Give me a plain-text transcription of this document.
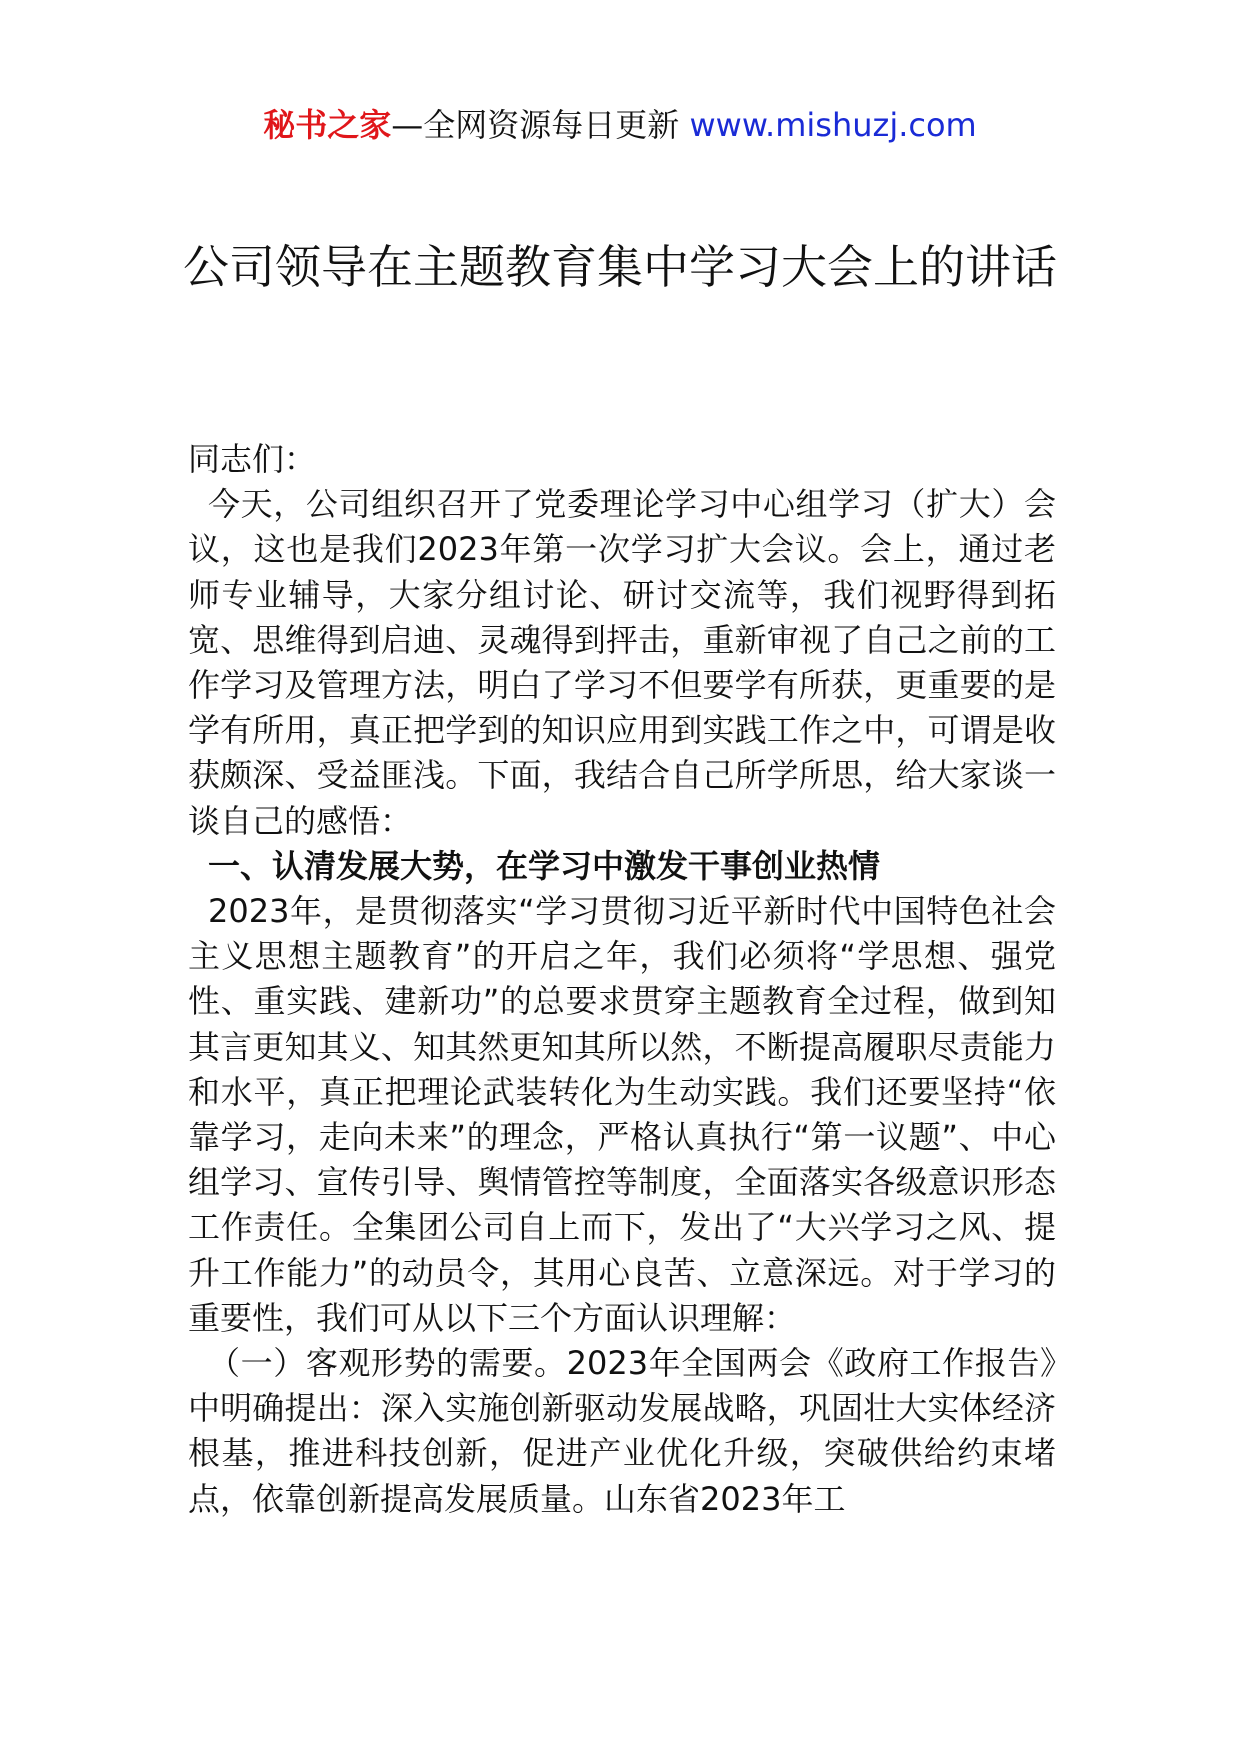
秘书之家—全网资源每日更新 www.mishuzj.com
公司领导在主题教育集中学习大会上的讲话

同志们：

今天，公司组织召开了党委理论学习中心组学习（扩大）会议，这也是我们2023年第一次学习扩大会议。会上，通过老师专业辅导，大家分组讨论、研讨交流等，我们视野得到拓宽、思维得到启迪、灵魂得到抨击，重新审视了自己之前的工作学习及管理方法，明白了学习不但要学有所获，更重要的是学有所用，真正把学到的知识应用到实践工作之中，可谓是收获颇深、受益匪浅。下面，我结合自己所学所思，给大家谈一谈自己的感悟：

一、认清发展大势，在学习中激发干事创业热情

2023年，是贯彻落实“学习贯彻习近平新时代中国特色社会主义思想主题教育”的开启之年，我们必须将“学思想、强党性、重实践、建新功”的总要求贯穿主题教育全过程，做到知其言更知其义、知其然更知其所以然，不断提高履职尽责能力和水平，真正把理论武装转化为生动实践。我们还要坚持“依靠学习，走向未来”的理念，严格认真执行“第一议题”、中心组学习、宣传引导、舆情管控等制度，全面落实各级意识形态工作责任。全集团公司自上而下，发出了“大兴学习之风、提升工作能力”的动员令，其用心良苦、立意深远。对于学习的重要性，我们可从以下三个方面认识理解：

（一）客观形势的需要。2023年全国两会《政府工作报告》中明确提出：深入实施创新驱动发展战略，巩固壮大实体经济根基，推进科技创新，促进产业优化升级，突破供给约束堵点，依靠创新提高发展质量。山东省2023年工
